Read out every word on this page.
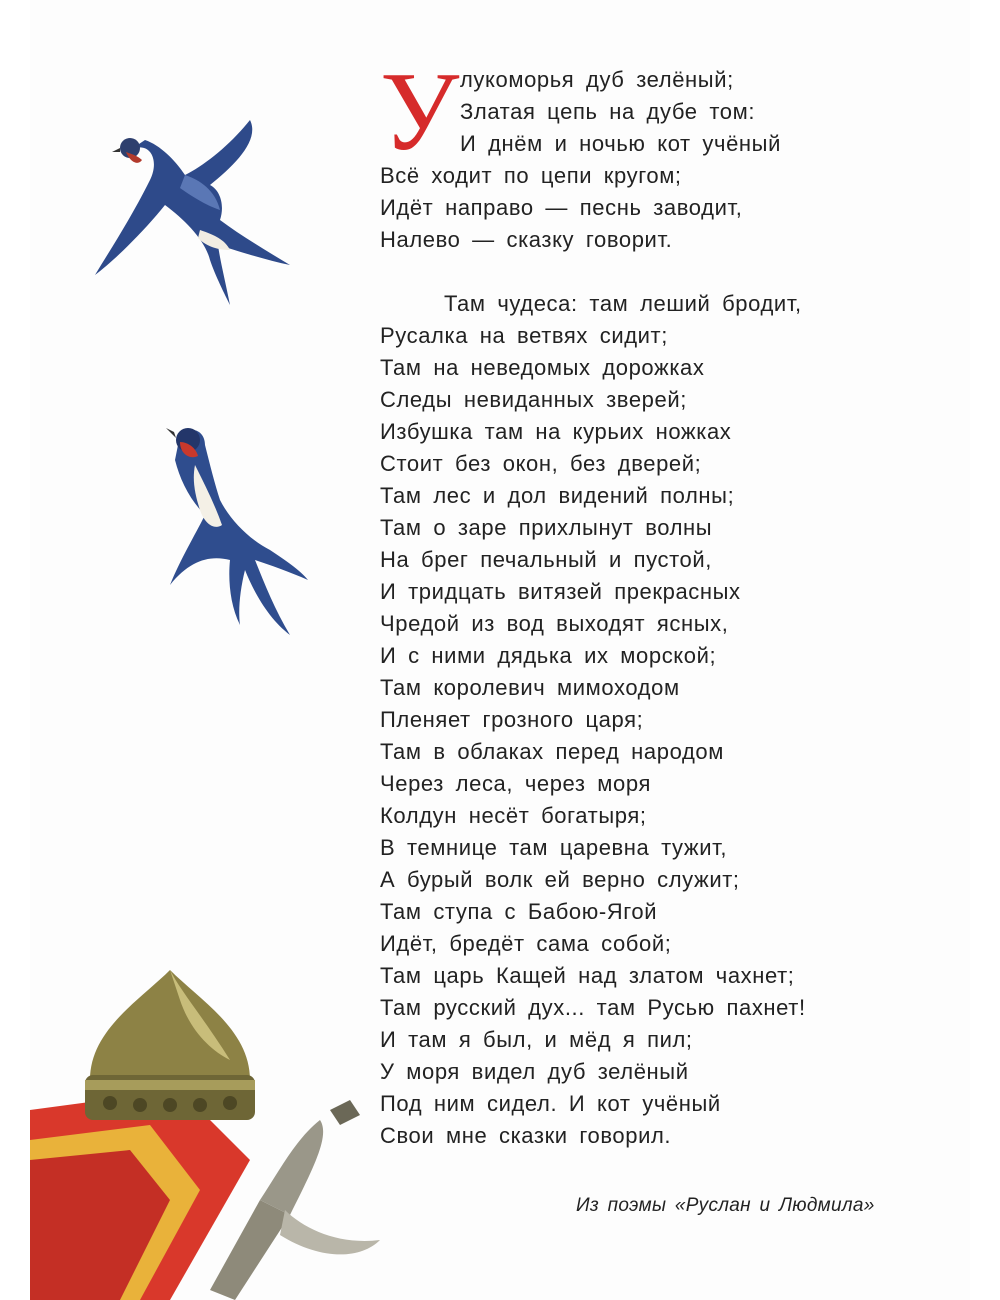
У лукоморья дуб зелёный;
Златая цепь на дубе том:
И днём и ночью кот учёный
Всё ходит по цепи кругом;
Идёт направо — песнь заводит,
Налево — сказку говорит.
Там чудеса: там леший бродит,
Русалка на ветвях сидит;
Там на неведомых дорожках
Следы невиданных зверей;
Избушка там на курьих ножках
Стоит без окон, без дверей;
Там лес и дол видений полны;
Там о заре прихлынут волны
На брег печальный и пустой,
И тридцать витязей прекрасных
Чредой из вод выходят ясных,
И с ними дядька их морской;
Там королевич мимоходом
Пленяет грозного царя;
Там в облаках перед народом
Через леса, через моря
Колдун несёт богатыря;
В темнице там царевна тужит,
А бурый волк ей верно служит;
Там ступа с Бабою-Ягой
Идёт, бредёт сама собой;
Там царь Кащей над златом чахнет;
Там русский дух... там Русью пахнет!
И там я был, и мёд я пил;
У моря видел дуб зелёный
Под ним сидел. И кот учёный
Свои мне сказки говорил.
Из поэмы «Руслан и Людмила»
